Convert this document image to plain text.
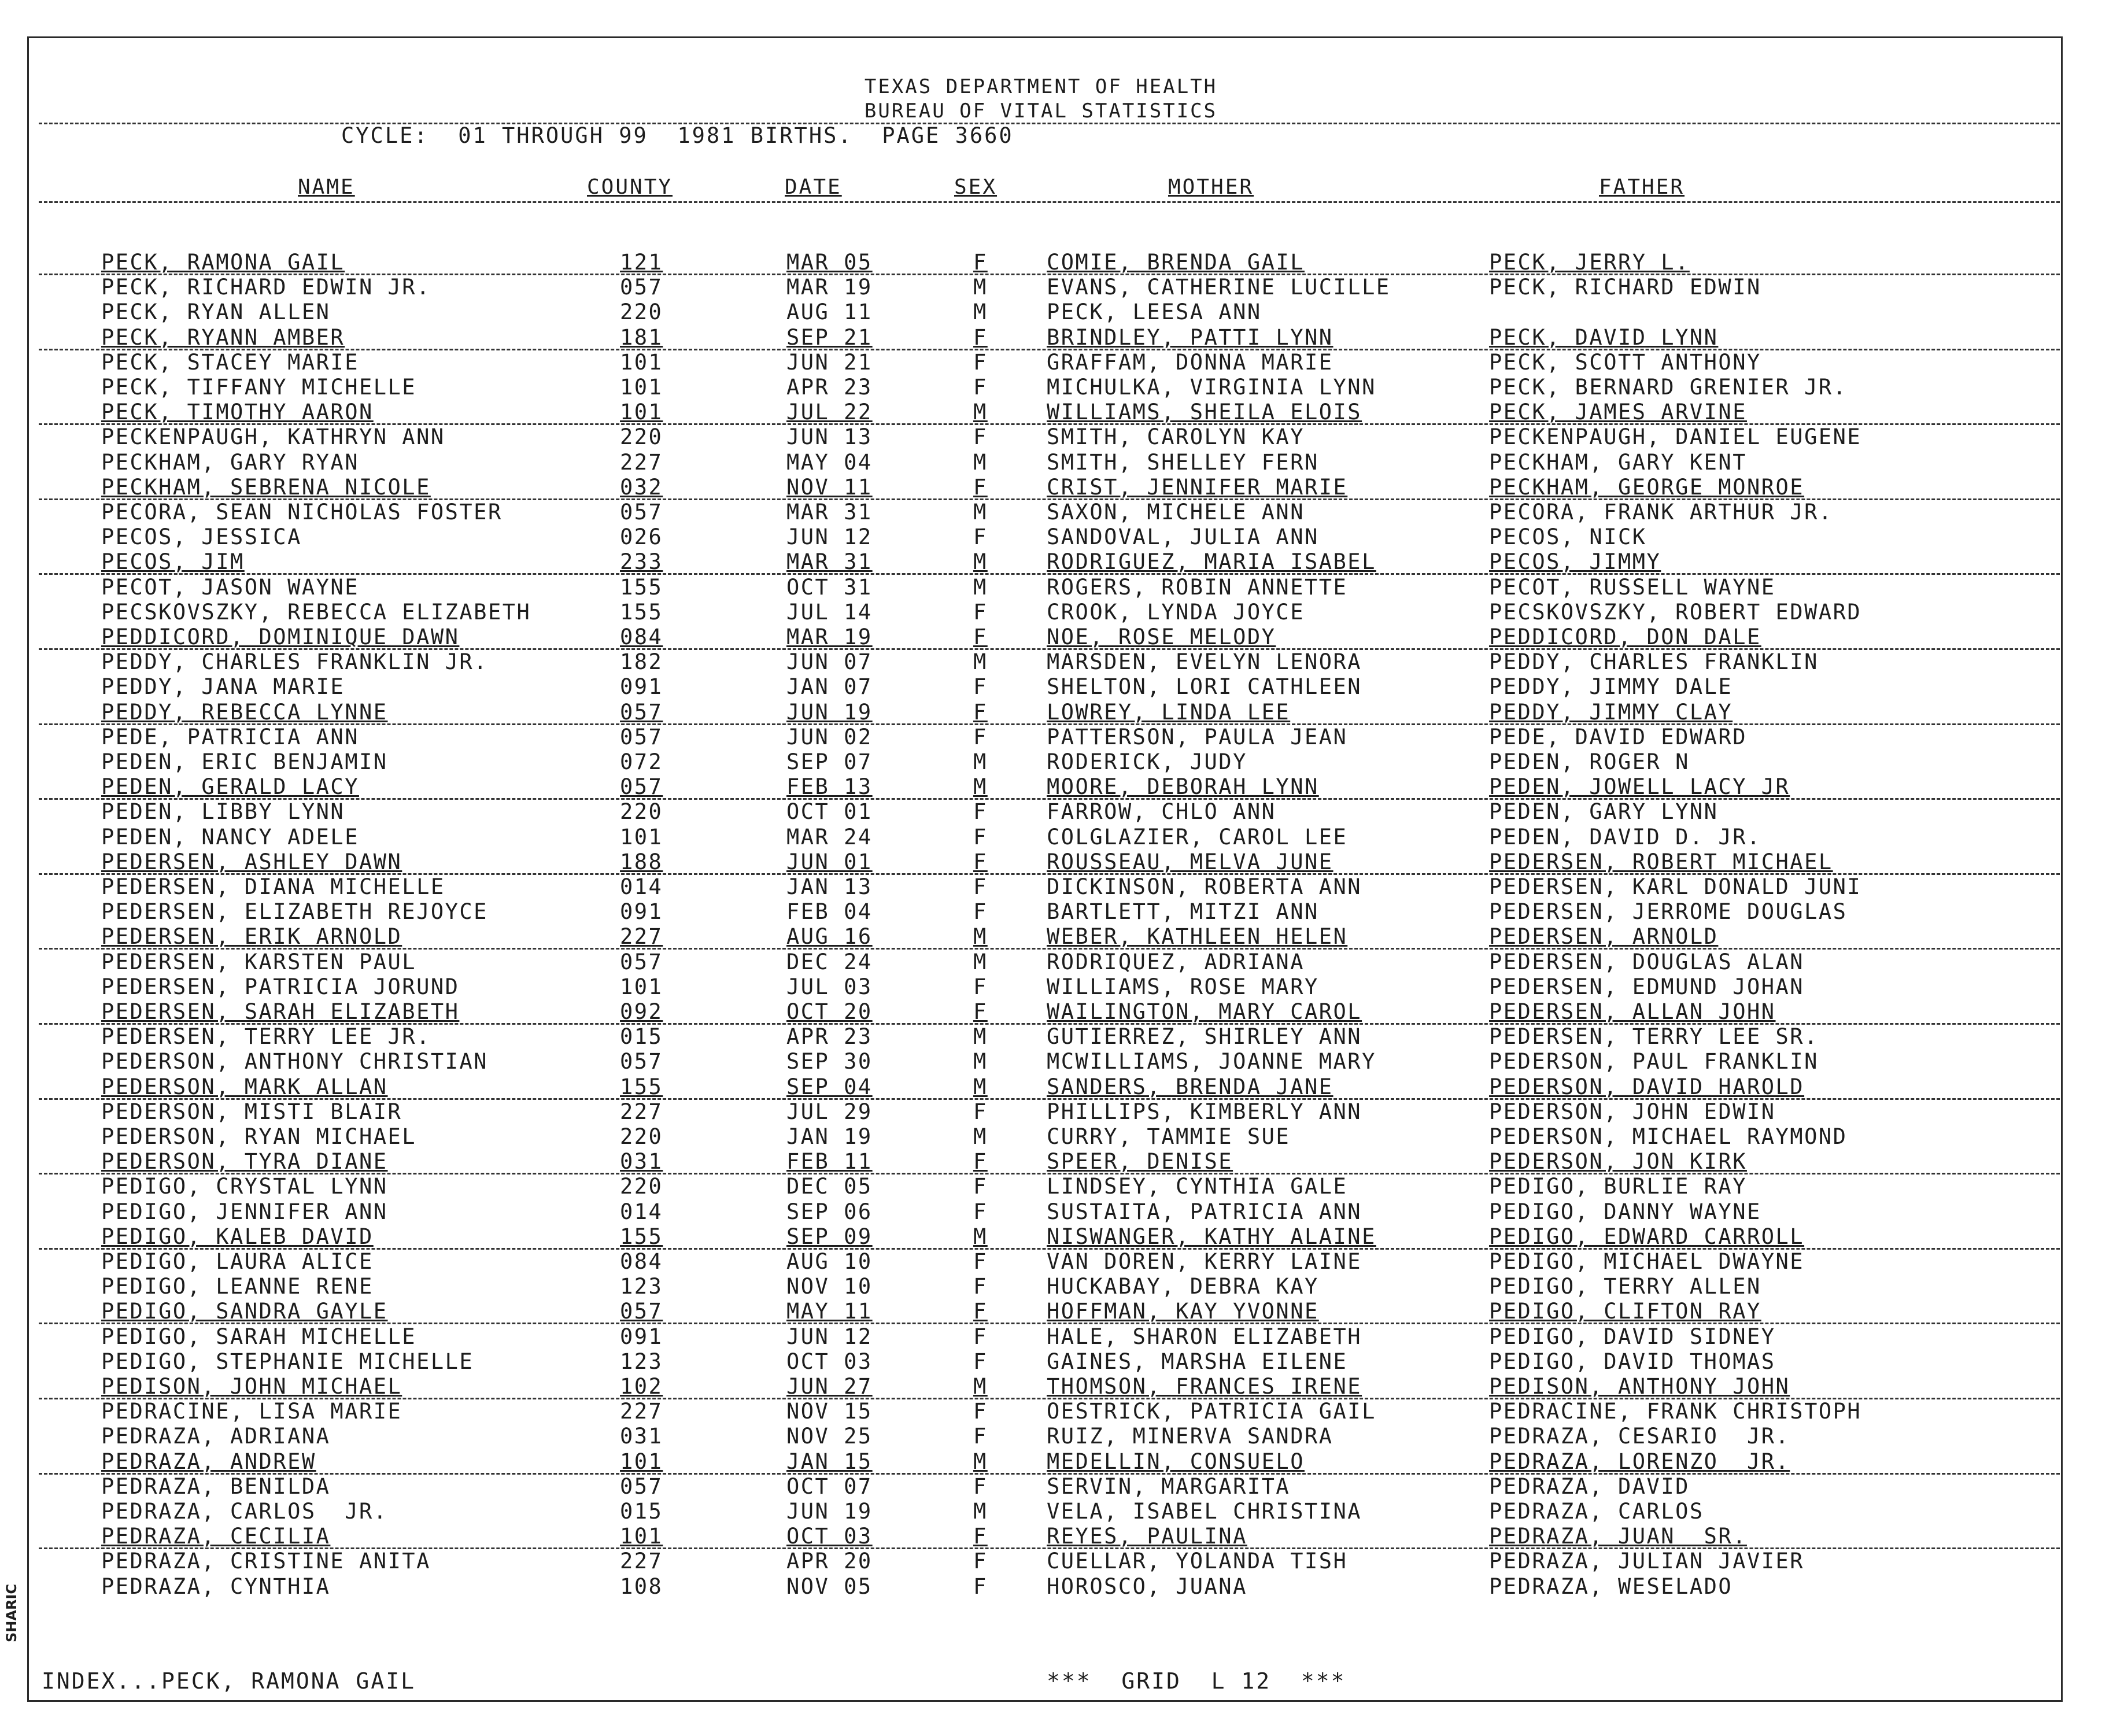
TEXAS DEPARTMENT OF HEALTH
BUREAU OF VITAL STATISTICS
CYCLE:  01 THROUGH 99  1981 BIRTHS.  PAGE 3660
NAME	COUNTY	DATE	SEX	MOTHER	FATHER
PECK, RAMONA GAIL	121	MAR 05	F	COMIE, BRENDA GAIL	PECK, JERRY L.
PECK, RICHARD EDWIN JR.	057	MAR 19	M	EVANS, CATHERINE LUCILLE	PECK, RICHARD EDWIN
PECK, RYAN ALLEN	220	AUG 11	M	PECK, LEESA ANN
PECK, RYANN AMBER	181	SEP 21	F	BRINDLEY, PATTI LYNN	PECK, DAVID LYNN
PECK, STACEY MARIE	101	JUN 21	F	GRAFFAM, DONNA MARIE	PECK, SCOTT ANTHONY
PECK, TIFFANY MICHELLE	101	APR 23	F	MICHULKA, VIRGINIA LYNN	PECK, BERNARD GRENIER JR.
PECK, TIMOTHY AARON	101	JUL 22	M	WILLIAMS, SHEILA ELOIS	PECK, JAMES ARVINE
PECKENPAUGH, KATHRYN ANN	220	JUN 13	F	SMITH, CAROLYN KAY	PECKENPAUGH, DANIEL EUGENE
PECKHAM, GARY RYAN	227	MAY 04	M	SMITH, SHELLEY FERN	PECKHAM, GARY KENT
PECKHAM, SEBRENA NICOLE	032	NOV 11	F	CRIST, JENNIFER MARIE	PECKHAM, GEORGE MONROE
PECORA, SEAN NICHOLAS FOSTER	057	MAR 31	M	SAXON, MICHELE ANN	PECORA, FRANK ARTHUR JR.
PECOS, JESSICA	026	JUN 12	F	SANDOVAL, JULIA ANN	PECOS, NICK
PECOS, JIM	233	MAR 31	M	RODRIGUEZ, MARIA ISABEL	PECOS, JIMMY
PECOT, JASON WAYNE	155	OCT 31	M	ROGERS, ROBIN ANNETTE	PECOT, RUSSELL WAYNE
PECSKOVSZKY, REBECCA ELIZABETH	155	JUL 14	F	CROOK, LYNDA JOYCE	PECSKOVSZKY, ROBERT EDWARD
PEDDICORD, DOMINIQUE DAWN	084	MAR 19	F	NOE, ROSE MELODY	PEDDICORD, DON DALE
PEDDY, CHARLES FRANKLIN JR.	182	JUN 07	M	MARSDEN, EVELYN LENORA	PEDDY, CHARLES FRANKLIN
PEDDY, JANA MARIE	091	JAN 07	F	SHELTON, LORI CATHLEEN	PEDDY, JIMMY DALE
PEDDY, REBECCA LYNNE	057	JUN 19	F	LOWREY, LINDA LEE	PEDDY, JIMMY CLAY
PEDE, PATRICIA ANN	057	JUN 02	F	PATTERSON, PAULA JEAN	PEDE, DAVID EDWARD
PEDEN, ERIC BENJAMIN	072	SEP 07	M	RODERICK, JUDY	PEDEN, ROGER N
PEDEN, GERALD LACY	057	FEB 13	M	MOORE, DEBORAH LYNN	PEDEN, JOWELL LACY JR
PEDEN, LIBBY LYNN	220	OCT 01	F	FARROW, CHLO ANN	PEDEN, GARY LYNN
PEDEN, NANCY ADELE	101	MAR 24	F	COLGLAZIER, CAROL LEE	PEDEN, DAVID D. JR.
PEDERSEN, ASHLEY DAWN	188	JUN 01	F	ROUSSEAU, MELVA JUNE	PEDERSEN, ROBERT MICHAEL
PEDERSEN, DIANA MICHELLE	014	JAN 13	F	DICKINSON, ROBERTA ANN	PEDERSEN, KARL DONALD JUNI
PEDERSEN, ELIZABETH REJOYCE	091	FEB 04	F	BARTLETT, MITZI ANN	PEDERSEN, JERROME DOUGLAS
PEDERSEN, ERIK ARNOLD	227	AUG 16	M	WEBER, KATHLEEN HELEN	PEDERSEN, ARNOLD
PEDERSEN, KARSTEN PAUL	057	DEC 24	M	RODRIQUEZ, ADRIANA	PEDERSEN, DOUGLAS ALAN
PEDERSEN, PATRICIA JORUND	101	JUL 03	F	WILLIAMS, ROSE MARY	PEDERSEN, EDMUND JOHAN
PEDERSEN, SARAH ELIZABETH	092	OCT 20	F	WAILINGTON, MARY CAROL	PEDERSEN, ALLAN JOHN
PEDERSEN, TERRY LEE JR.	015	APR 23	M	GUTIERREZ, SHIRLEY ANN	PEDERSEN, TERRY LEE SR.
PEDERSON, ANTHONY CHRISTIAN	057	SEP 30	M	MCWILLIAMS, JOANNE MARY	PEDERSON, PAUL FRANKLIN
PEDERSON, MARK ALLAN	155	SEP 04	M	SANDERS, BRENDA JANE	PEDERSON, DAVID HAROLD
PEDERSON, MISTI BLAIR	227	JUL 29	F	PHILLIPS, KIMBERLY ANN	PEDERSON, JOHN EDWIN
PEDERSON, RYAN MICHAEL	220	JAN 19	M	CURRY, TAMMIE SUE	PEDERSON, MICHAEL RAYMOND
PEDERSON, TYRA DIANE	031	FEB 11	F	SPEER, DENISE	PEDERSON, JON KIRK
PEDIGO, CRYSTAL LYNN	220	DEC 05	F	LINDSEY, CYNTHIA GALE	PEDIGO, BURLIE RAY
PEDIGO, JENNIFER ANN	014	SEP 06	F	SUSTAITA, PATRICIA ANN	PEDIGO, DANNY WAYNE
PEDIGO, KALEB DAVID	155	SEP 09	M	NISWANGER, KATHY ALAINE	PEDIGO, EDWARD CARROLL
PEDIGO, LAURA ALICE	084	AUG 10	F	VAN DOREN, KERRY LAINE	PEDIGO, MICHAEL DWAYNE
PEDIGO, LEANNE RENE	123	NOV 10	F	HUCKABAY, DEBRA KAY	PEDIGO, TERRY ALLEN
PEDIGO, SANDRA GAYLE	057	MAY 11	F	HOFFMAN, KAY YVONNE	PEDIGO, CLIFTON RAY
PEDIGO, SARAH MICHELLE	091	JUN 12	F	HALE, SHARON ELIZABETH	PEDIGO, DAVID SIDNEY
PEDIGO, STEPHANIE MICHELLE	123	OCT 03	F	GAINES, MARSHA EILENE	PEDIGO, DAVID THOMAS
PEDISON, JOHN MICHAEL	102	JUN 27	M	THOMSON, FRANCES IRENE	PEDISON, ANTHONY JOHN
PEDRACINE, LISA MARIE	227	NOV 15	F	OESTRICK, PATRICIA GAIL	PEDRACINE, FRANK CHRISTOPH
PEDRAZA, ADRIANA	031	NOV 25	F	RUIZ, MINERVA SANDRA	PEDRAZA, CESARIO  JR.
PEDRAZA, ANDREW	101	JAN 15	M	MEDELLIN, CONSUELO	PEDRAZA, LORENZO  JR.
PEDRAZA, BENILDA	057	OCT 07	F	SERVIN, MARGARITA	PEDRAZA, DAVID
PEDRAZA, CARLOS  JR.	015	JUN 19	M	VELA, ISABEL CHRISTINA	PEDRAZA, CARLOS
PEDRAZA, CECILIA	101	OCT 03	F	REYES, PAULINA	PEDRAZA, JUAN  SR.
PEDRAZA, CRISTINE ANITA	227	APR 20	F	CUELLAR, YOLANDA TISH	PEDRAZA, JULIAN JAVIER
PEDRAZA, CYNTHIA	108	NOV 05	F	HOROSCO, JUANA	PEDRAZA, WESELADO
INDEX...PECK, RAMONA GAIL	***  GRID  L 12  ***
SHARIC
